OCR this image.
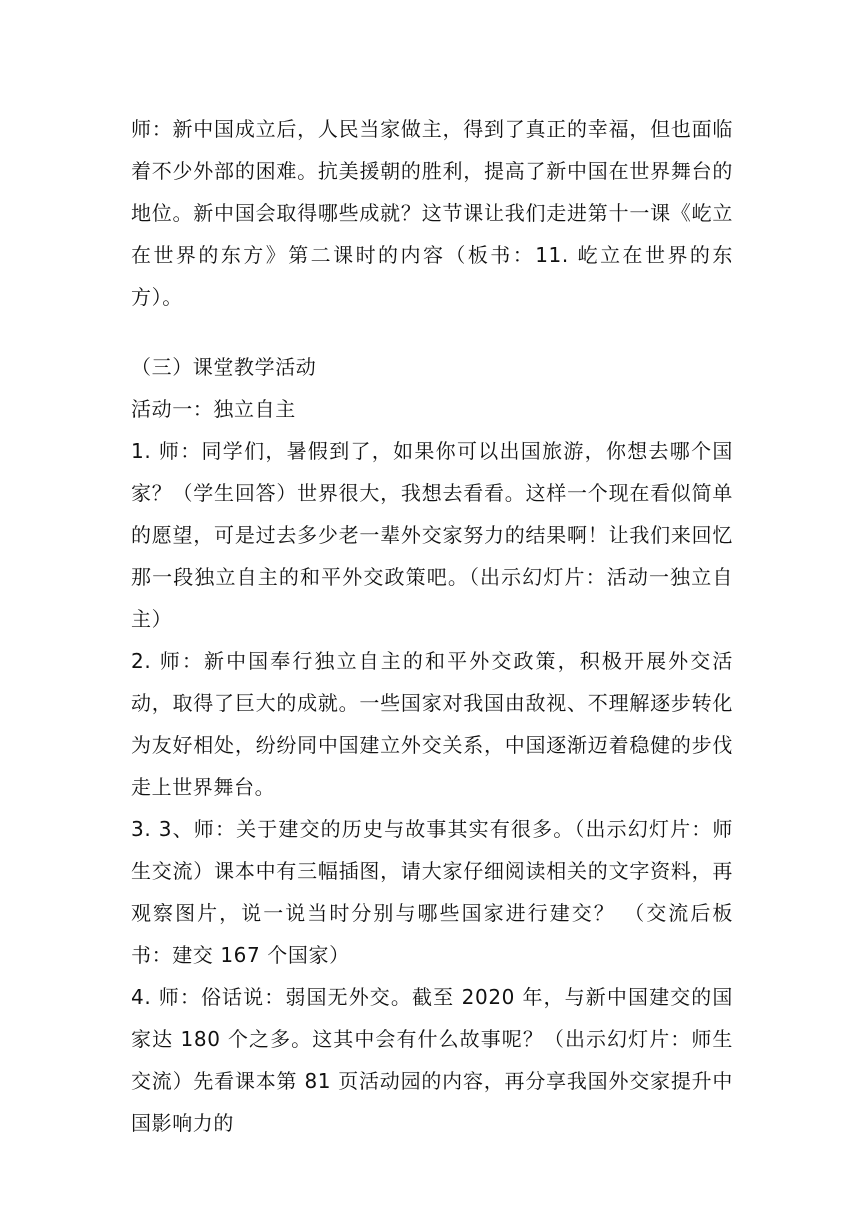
师：新中国成立后，人民当家做主，得到了真正的幸福，但也面临着不少外部的困难。抗美援朝的胜利，提高了新中国在世界舞台的地位。新中国会取得哪些成就？这节课让我们走进第十一课《屹立在世界的东方》第二课时的内容（板书：11. 屹立在世界的东方）。

（三）课堂教学活动

活动一：独立自主

1. 师：同学们，暑假到了，如果你可以出国旅游，你想去哪个国家？（学生回答）世界很大，我想去看看。这样一个现在看似简单的愿望，可是过去多少老一辈外交家努力的结果啊！让我们来回忆那一段独立自主的和平外交政策吧。（出示幻灯片：活动一独立自主）

2. 师：新中国奉行独立自主的和平外交政策，积极开展外交活动，取得了巨大的成就。一些国家对我国由敌视、不理解逐步转化为友好相处，纷纷同中国建立外交关系，中国逐渐迈着稳健的步伐走上世界舞台。

3. 3、师：关于建交的历史与故事其实有很多。（出示幻灯片：师生交流）课本中有三幅插图，请大家仔细阅读相关的文字资料，再观察图片，说一说当时分别与哪些国家进行建交？ （交流后板书：建交 167 个国家）

4. 师：俗话说：弱国无外交。截至 2020 年，与新中国建交的国家达 180 个之多。这其中会有什么故事呢？（出示幻灯片：师生交流）先看课本第 81 页活动园的内容，再分享我国外交家提升中国影响力的
